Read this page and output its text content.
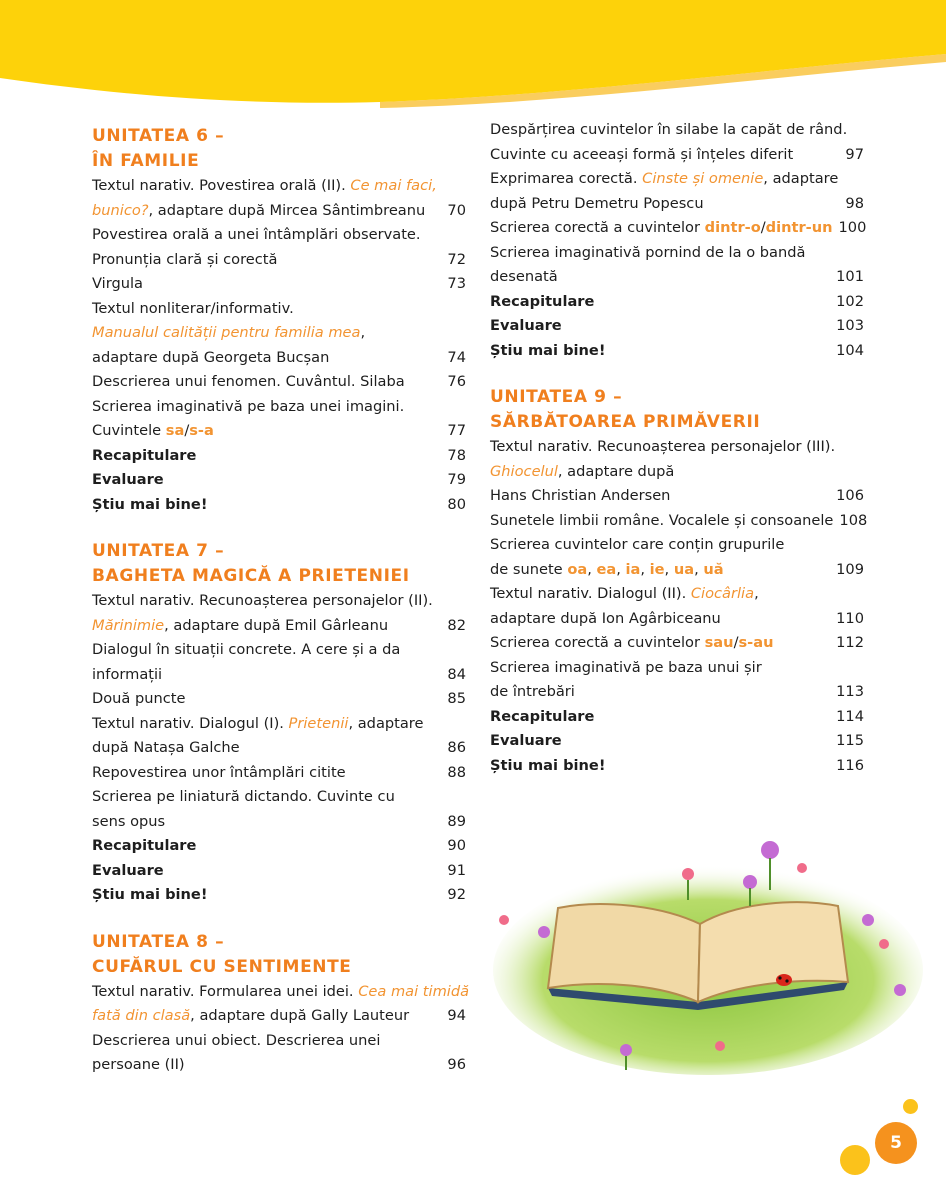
UNITATEA 6 –
ÎN FAMILIE
Textul narativ. Povestirea orală (II). Ce mai faci,
bunico?, adaptare după Mircea Sântimbreanu	70
Povestirea orală a unei întâmplări observate.
Pronunția clară și corectă	72
Virgula	73
Textul nonliterar/informativ.
Manualul calității pentru familia mea,
adaptare după Georgeta Bucșan	74
Descrierea unui fenomen. Cuvântul. Silaba	76
Scrierea imaginativă pe baza unei imagini.
Cuvintele sa/s-a	77
Recapitulare	78
Evaluare	79
Știu mai bine!	80
UNITATEA 7 –
BAGHETA MAGICĂ A PRIETENIEI
Textul narativ. Recunoașterea personajelor (II).
Mărinimie, adaptare după Emil Gârleanu	82
Dialogul în situații concrete. A cere și a da
informații	84
Două puncte	85
Textul narativ. Dialogul (I). Prietenii, adaptare
după Natașa Galche	86
Repovestirea unor întâmplări citite	88
Scrierea pe liniatură dictando. Cuvinte cu
sens opus	89
Recapitulare	90
Evaluare	91
Știu mai bine!	92
UNITATEA 8 –
CUFĂRUL CU SENTIMENTE
Textul narativ. Formularea unei idei. Cea mai timidă
fată din clasă, adaptare după Gally Lauteur	94
Descrierea unui obiect. Descrierea unei
persoane (II)	96
Despărțirea cuvintelor în silabe la capăt de rând.
Cuvinte cu aceeași formă și înțeles diferit	97
Exprimarea corectă. Cinste și omenie, adaptare
după Petru Demetru Popescu	98
Scrierea corectă a cuvintelor dintr-o/dintr-un 100
Scrierea imaginativă pornind de la o bandă
desenată	101
Recapitulare	102
Evaluare	103
Știu mai bine!	104
UNITATEA 9 –
SĂRBĂTOAREA PRIMĂVERII
Textul narativ. Recunoașterea personajelor (III).
Ghiocelul, adaptare după
Hans Christian Andersen	106
Sunetele limbii române. Vocalele și consoanele 108
Scrierea cuvintelor care conțin grupurile
de sunete oa, ea, ia, ie, ua, uă	109
Textul narativ. Dialogul (II). Ciocârlia,
adaptare după Ion Agârbiceanu	110
Scrierea corectă a cuvintelor sau/s-au	112
Scrierea imaginativă pe baza unui șir
de întrebări	113
Recapitulare	114
Evaluare	115
Știu mai bine!	116
5
